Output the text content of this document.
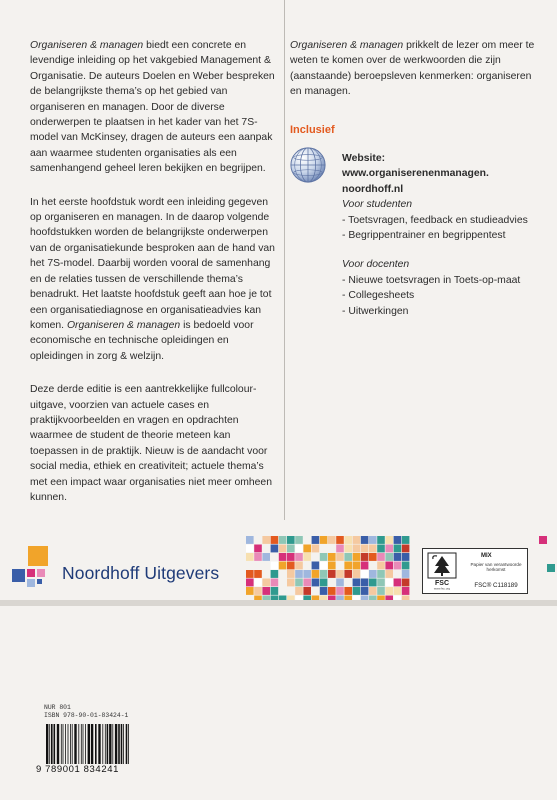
Organiseren & managen biedt een concrete en levendige inleiding op het vakgebied Management & Organisatie. De auteurs Doelen en Weber bespreken de belangrijkste thema’s op het gebied van organiseren en managen. Door de diverse onderwerpen te plaatsen in het kader van het 7S-model van McKinsey, dragen de auteurs een aanpak aan waarmee studenten organisaties als een samenhangend geheel leren bekijken en begrijpen.

In het eerste hoofdstuk wordt een inleiding gegeven op organiseren en managen. In de daarop volgende hoofdstukken worden de belangrijkste onderwerpen van de organisatiekunde besproken aan de hand van het 7S-model. Daarbij worden vooral de samenhang en de relaties tussen de verschillende thema’s benadrukt. Het laatste hoofdstuk geeft aan hoe je tot een organisatiediagnose en organisatieadvies kan komen. Organiseren & managen is bedoeld voor economische en technische opleidingen en opleidingen in zorg & welzijn.

Deze derde editie is een aantrekkelijke fullcolour-uitgave, voorzien van actuele cases en praktijkvoorbeelden en vragen en opdrachten waarmee de student de theorie meteen kan toepassen in de praktijk. Nieuw is de aandacht voor social media, ethiek en creativiteit; actuele thema’s met een impact waar organisaties niet meer omheen kunnen.

Organiseren & managen prikkelt de lezer om meer te weten te komen over de werkwoorden die zijn (aanstaande) beroepsleven kenmerken: organiseren en managen.

Inclusief
Website:
www.organiserenenmanagen.
noordhoff.nl
Voor studenten
- Toetsvragen, feedback en studieadvies
- Begrippentrainer en begrippentest
Voor docenten
- Nieuwe toetsvragen in Toets-op-maat
- Collegesheets
- Uitwerkingen
Noordhoff Uitgevers
FSC
www.fsc.org
MIX
Papier van verantwoorde herkomst
FSC® C118189
NUR 801
ISBN 978-90-01-83424-1
9 789001 834241
